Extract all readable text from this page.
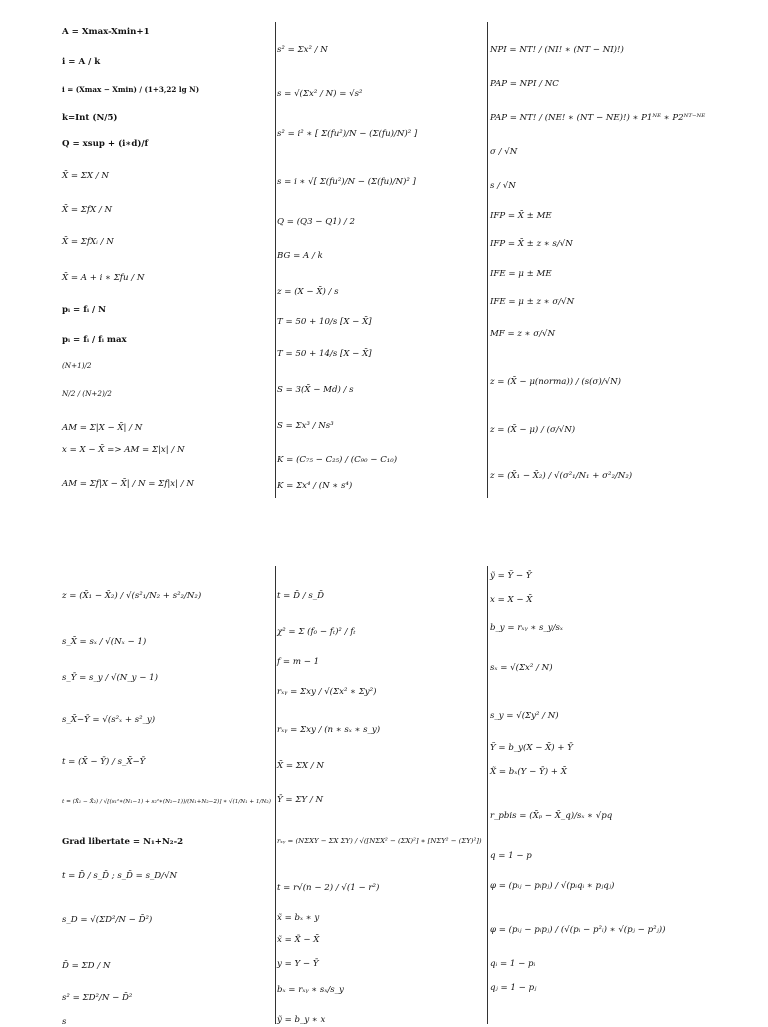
A = Xmax-Xmin+1
i = A / k
i = (Xmax − Xmin) / (1+3,22 lg N)
k=Int (N/5)
Q = xsup + (i∗d)/f
X̄ = ΣX / N
X̄ = ΣfX / N
X̄ = ΣfXᵢ / N
X̄ = A + i ∗ Σfu / N
pᵢ = fᵢ / N
pᵢ = fᵢ / fᵢ max
(N+1)/2
N/2 / (N+2)/2
AM = Σ|X − X̄| / N
x = X − X̄ => AM = Σ|x| / N
AM = Σf|X − X̄| / N = Σf|x| / N
s² = Σx² / N
s = √(Σx² / N) = √s²
s² = i² ∗ [ Σ(fu²)/N − (Σ(fu)/N)² ]
s = i ∗ √[ Σ(fu²)/N − (Σ(fu)/N)² ]
Q = (Q3 − Q1) / 2
BG = A / k
z = (X − X̄) / s
T = 50 + 10/s [X − X̄]
T = 50 + 14/s [X − X̄]
S = 3(X̄ − Md) / s
S = Σx³ / Ns³
K = (C₇₅ − C₂₅) / (C₉₀ − C₁₀)
K = Σx⁴ / (N ∗ s⁴)
NPI = NT! / (NI! ∗ (NT − NI)!)
PAP = NPI / NC
PAP = NT! / (NE! ∗ (NT − NE)!) ∗ P1ᴺᴱ ∗ P2ᴺᵀ⁻ᴺᴱ
σ / √N
s / √N
IFP = X̄ ± ME
IFP = X̄ ± z ∗ s/√N
IFE = μ ± ME
IFE = μ ± z ∗ σ/√N
MF = z ∗ σ/√N
z = (X̄ − μ(norma)) / (s(σ)/√N)
z = (X̄ − μ) / (σ/√N)
z = (X̄₁ − X̄₂) / √(σ²₁/N₁ + σ²₂/N₂)
z = (X̄₁ − X̄₂) / √(s²₁/N₂ + s²₂/N₂)
s_X̄ = sₓ / √(Nₓ − 1)
s_Ȳ = s_y / √(N_y − 1)
s_X̄−Ȳ = √(s²ₓ + s²_y)
t = (X̄ − Ȳ) / s_X̄−Ȳ
t = (X̄₁ − X̄₂) / √[(s₁²∗(N₁−1) + s₂²∗(N₂−1))/(N₁+N₂−2)] ∗ √(1/N₁ + 1/N₂)
Grad libertate = N₁+N₂-2
t = D̄ / s_D̄ ; s_D̄ = s_D/√N
s_D = √(ΣD²/N − D̄²)
D̄ = ΣD / N
s² = ΣD²/N − D̄²
s
t = D̄ / s_D̄
χ² = Σ (f₀ − fₜ)² / fₜ
f = m − 1
rₓᵧ = Σxy / √(Σx² ∗ Σy²)
rₓᵧ = Σxy / (n ∗ sₓ ∗ s_y)
X̄ = ΣX / N
Ȳ = ΣY / N
rₓᵧ = (NΣXY − ΣX ΣY) / √([NΣX² − (ΣX)²] ∗ [NΣY² − (ΣY)²])
t = r√(n − 2) / √(1 − r²)
x̃ = bₓ ∗ y
x̃ = X̃ − X̄
y = Y − Ȳ
bₓ = rₓᵧ ∗ sₓ/s_y
ỹ = b_y ∗ x
ỹ = Ỹ − Ȳ
x = X − X̄
b_y = rₓᵧ ∗ s_y/sₓ
sₓ = √(Σx² / N)
s_y = √(Σy² / N)
Ỹ = b_y(X − X̄) + Ȳ
X̃ = bₓ(Y − Ȳ) + X̄
r_pbis = (X̄ₚ − X̄_q)/sₓ ∗ √pq
q = 1 − p
φ = (pᵢⱼ − pᵢpⱼ) / √(pᵢqᵢ ∗ pⱼqⱼ)
φ = (pᵢⱼ − pᵢpⱼ) / (√(pᵢ − p²ᵢ) ∗ √(pⱼ − p²ⱼ))
qᵢ = 1 − pᵢ
qⱼ = 1 − pⱼ
